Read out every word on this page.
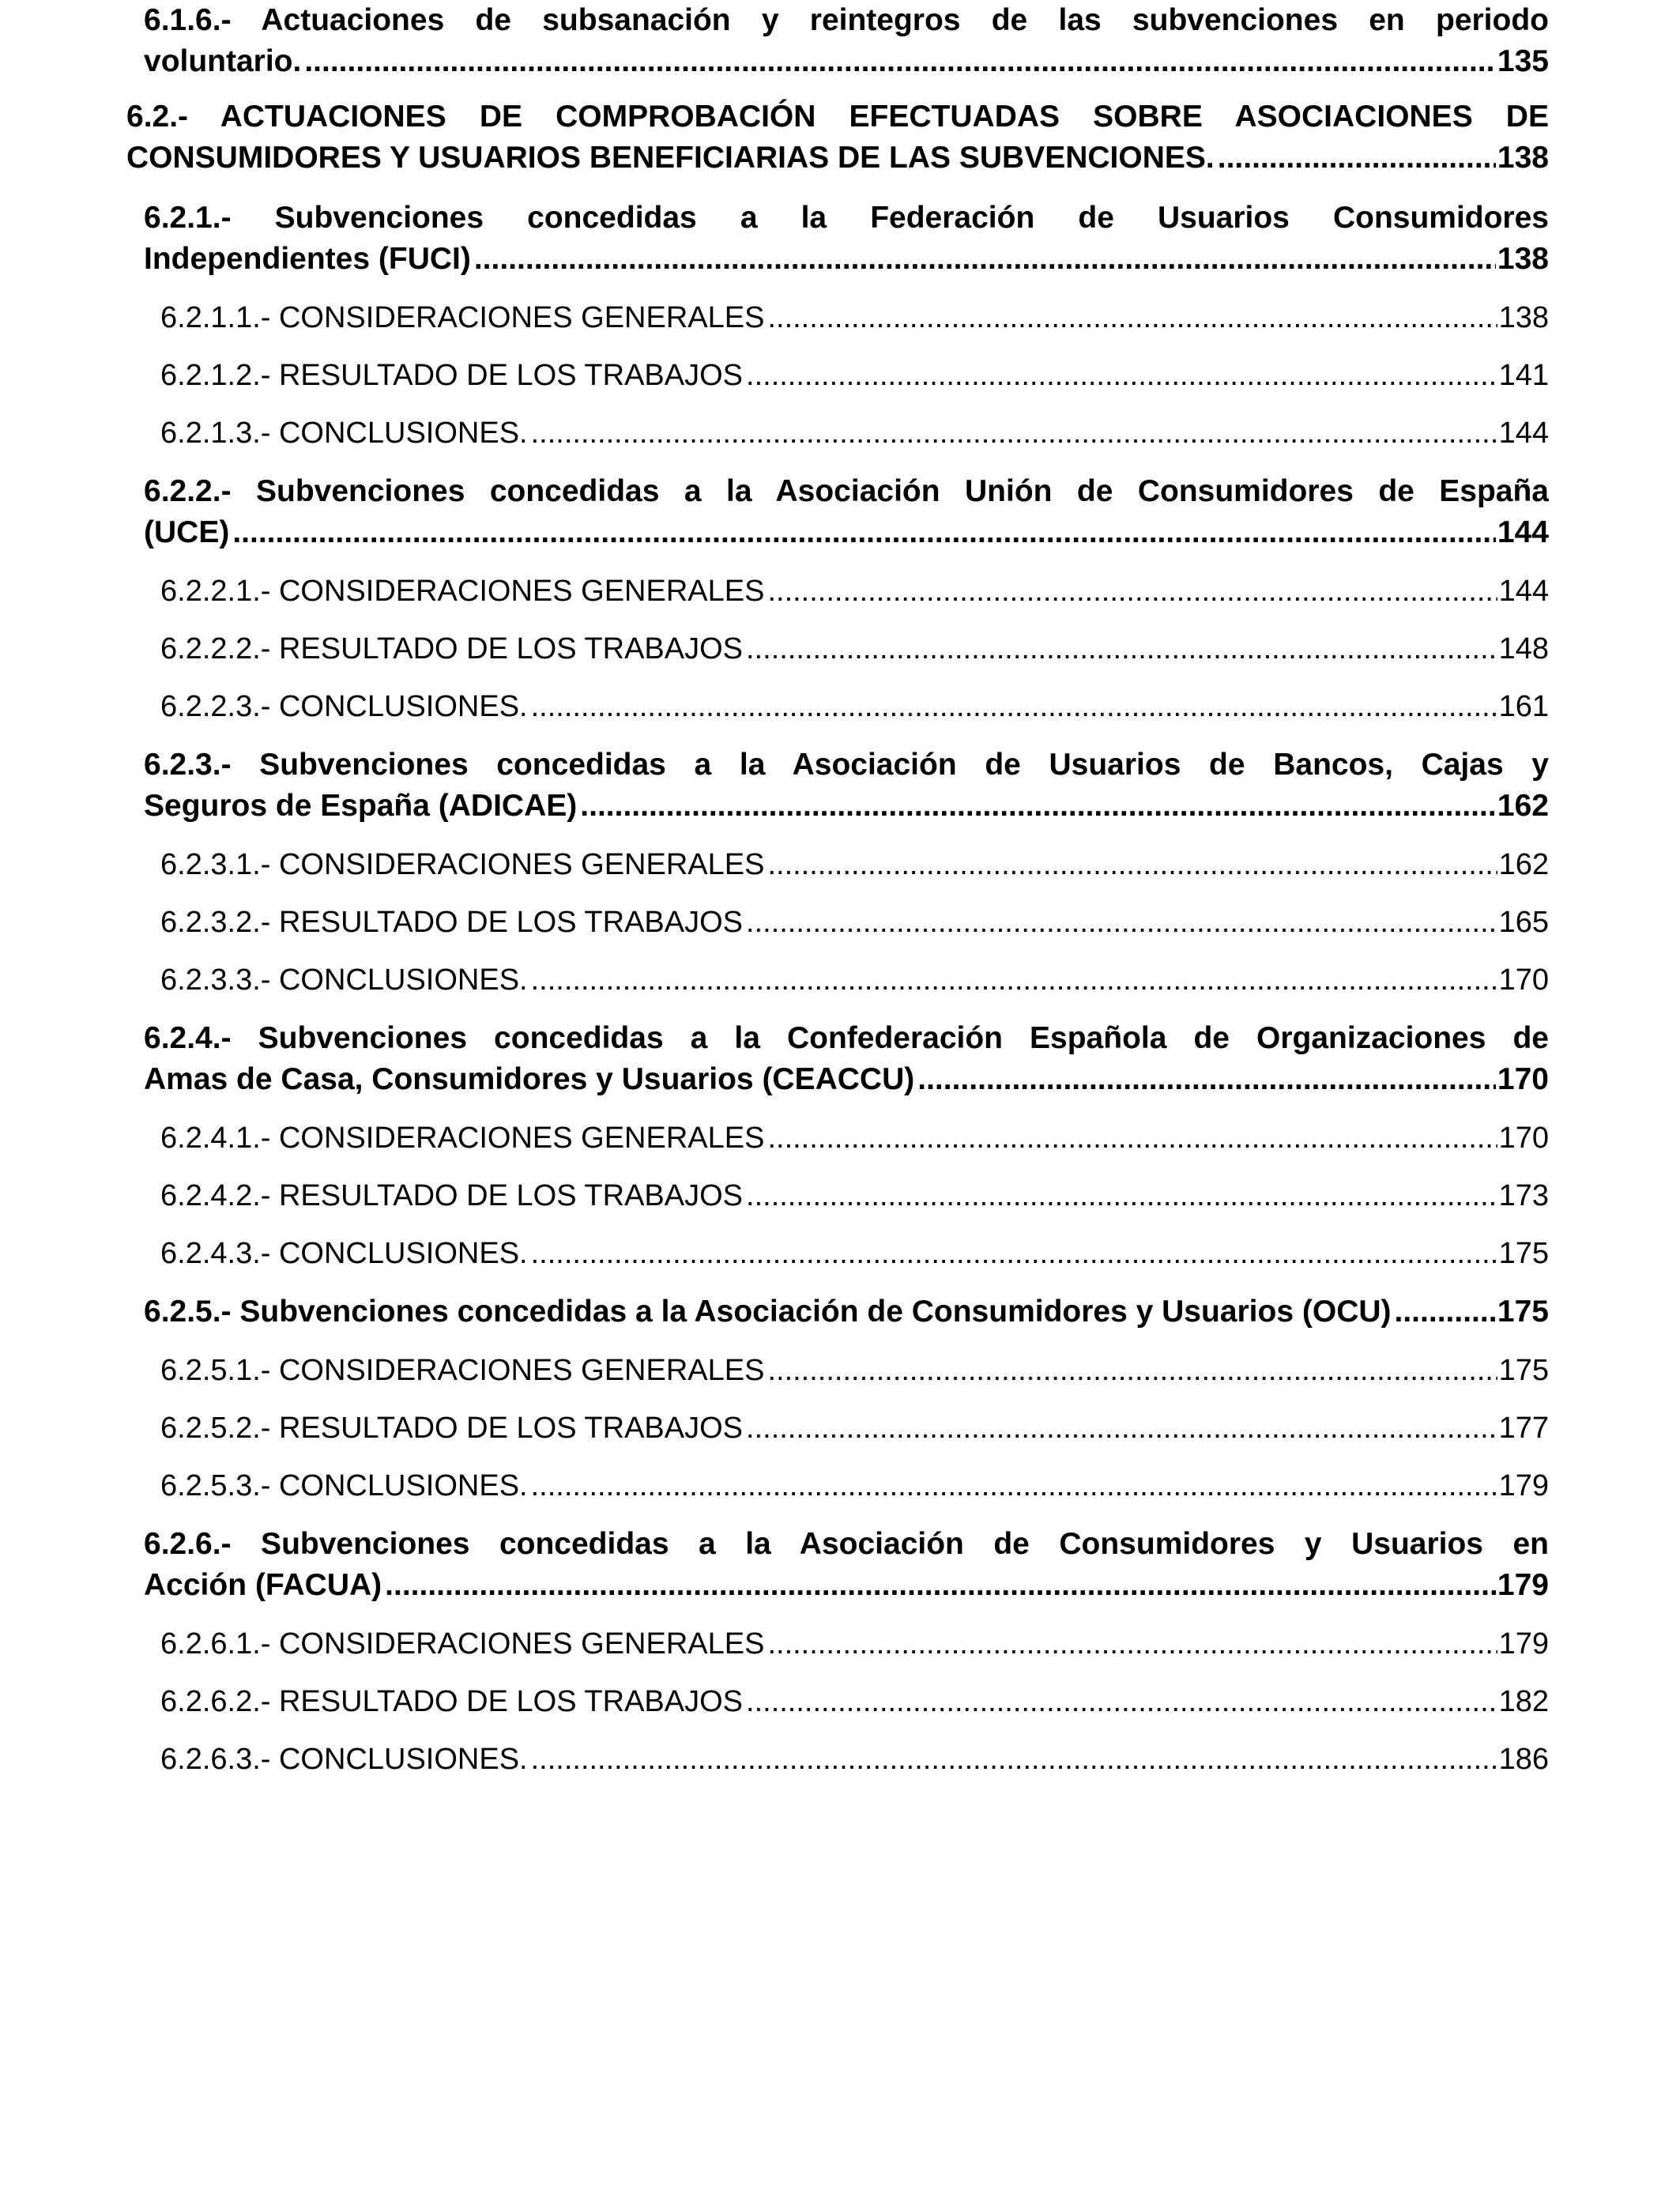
6.1.6.- Actuaciones de subsanación y reintegros de las subvenciones en periodo
voluntario. .....	135
6.2.- ACTUACIONES DE COMPROBACIÓN EFECTUADAS SOBRE ASOCIACIONES DE
CONSUMIDORES Y USUARIOS BENEFICIARIAS DE LAS SUBVENCIONES. .....	138
6.2.1.- Subvenciones concedidas a la Federación de Usuarios Consumidores
Independientes (FUCI) .....	138
6.2.1.1.- CONSIDERACIONES GENERALES .....	138
6.2.1.2.- RESULTADO DE LOS TRABAJOS .....	141
6.2.1.3.- CONCLUSIONES. .....	144
6.2.2.- Subvenciones concedidas a la Asociación Unión de Consumidores de España
(UCE) .....	144
6.2.2.1.- CONSIDERACIONES GENERALES .....	144
6.2.2.2.- RESULTADO DE LOS TRABAJOS .....	148
6.2.2.3.- CONCLUSIONES. .....	161
6.2.3.- Subvenciones concedidas a la Asociación de Usuarios de Bancos, Cajas y
Seguros de España (ADICAE) .....	162
6.2.3.1.- CONSIDERACIONES GENERALES .....	162
6.2.3.2.- RESULTADO DE LOS TRABAJOS .....	165
6.2.3.3.- CONCLUSIONES. .....	170
6.2.4.- Subvenciones concedidas a la Confederación Española de Organizaciones de
Amas de Casa, Consumidores y Usuarios (CEACCU) .....	170
6.2.4.1.- CONSIDERACIONES GENERALES .....	170
6.2.4.2.- RESULTADO DE LOS TRABAJOS .....	173
6.2.4.3.- CONCLUSIONES. .....	175
6.2.5.- Subvenciones concedidas a la Asociación de Consumidores y Usuarios (OCU) .....	175
6.2.5.1.- CONSIDERACIONES GENERALES .....	175
6.2.5.2.- RESULTADO DE LOS TRABAJOS .....	177
6.2.5.3.- CONCLUSIONES. .....	179
6.2.6.- Subvenciones concedidas a la Asociación de Consumidores y Usuarios en
Acción (FACUA) .....	179
6.2.6.1.- CONSIDERACIONES GENERALES .....	179
6.2.6.2.- RESULTADO DE LOS TRABAJOS .....	182
6.2.6.3.- CONCLUSIONES. .....	186
